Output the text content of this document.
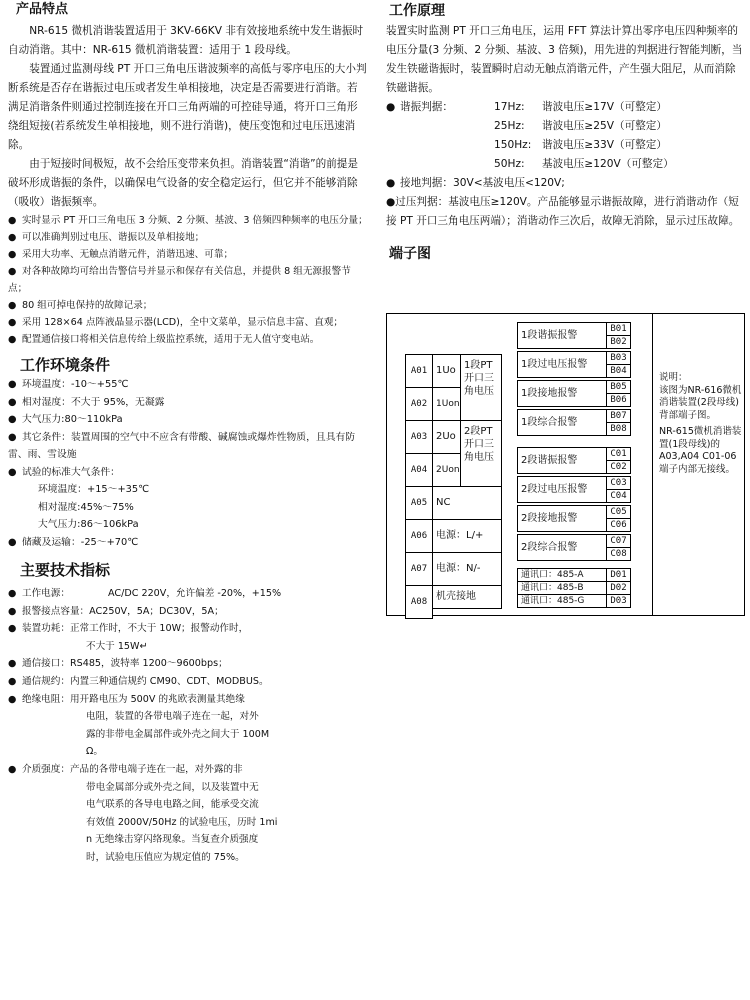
产品特点

NR-615 微机消谐装置适用于 3KV-66KV 非有效接地系统中发生谐振时自动消谐。其中：NR-615 微机消谐装置：适用于 1 段母线。

装置通过监测母线 PT 开口三角电压谐波频率的高低与零序电压的大小判断系统是否存在谐振过电压或者发生单相接地，决定是否需要进行消谐。若满足消谐条件则通过控制连接在开口三角两端的可控硅导通，将开口三角形绕组短接(若系统发生单相接地，则不进行消谐)，使压变饱和过电压迅速消除。

由于短接时间极短，故不会给压变带来负担。消谐装置“消谐”的前提是破坏形成谐振的条件，以确保电气设备的安全稳定运行，但它并不能够消除（吸收）谐振频率。

● 实时显示 PT 开口三角电压 3 分频、2 分频、基波、3 倍频四种频率的电压分量；

● 可以准确判别过电压、谐振以及单相接地；

● 采用大功率、无触点消谐元件，消谐迅速、可靠；

● 对各种故障均可给出告警信号并显示和保存有关信息，并提供 8 组无源报警节点；

● 80 组可掉电保持的故障记录；

● 采用 128×64 点阵液晶显示器(LCD)，全中文菜单，显示信息丰富、直观；

● 配置通信接口将相关信息传给上级监控系统，适用于无人值守变电站。

工作环境条件

● 环境温度：-10～+55℃

● 相对湿度：不大于 95%，无凝露

● 大气压力:80～110kPa

● 其它条件：装置周围的空气中不应含有带酸、碱腐蚀或爆炸性物质，且具有防雷、雨、雪设施

● 试验的标准大气条件：

环境温度：+15～+35℃

相对湿度:45%～75%

大气压力:86～106kPa

● 储藏及运输：-25～+70℃

主要技术指标
● 工作电源：	AC/DC 220V，允许偏差 -20%，+15%
● 报警接点容量： AC250V，5A；DC30V，5A；
● 装置功耗： 正常工作时，不大于 10W；报警动作时，
不大于 15W↵
● 通信接口： RS485，波特率 1200～9600bps；
● 通信规约： 内置三种通信规约 CM90、CDT、MODBUS。
● 绝缘电阻： 用开路电压为 500V 的兆欧表测量其绝缘
电阻，装置的各带电端子连在一起，对外
露的非带电金属部件或外壳之间大于 100M
Ω。
● 介质强度： 产品的各带电端子连在一起，对外露的非
带电金属部分或外壳之间，以及装置中无
电气联系的各导电电路之间，能承受交流
有效值 2000V/50Hz 的试验电压，历时 1mi
n 无绝缘击穿闪络现象。当复查介质强度
时，试验电压值应为规定值的 75%。
工作原理

装置实时监测 PT 开口三角电压，运用 FFT 算法计算出零序电压四种频率的电压分量(3 分频、2 分频、基波、3 倍频)，用先进的判据进行智能判断，当发生铁磁谐振时，装置瞬时启动无触点消谐元件，产生强大阻尼，从而消除铁磁谐振。

● 谐振判据：	17Hz:	谐波电压≥17V（可整定）
25Hz:	谐波电压≥25V（可整定）
150Hz:	谐波电压≥33V（可整定）
50Hz:	基波电压≥120V（可整定）

● 接地判据：30V<基波电压<120V;

●过压判据：基波电压≥120V。产品能够显示谐振故障，进行消谐动作（短接 PT 开口三角电压两端）；消谐动作三次后，故障无消除，显示过压故障。

端子图
A01 1Uo
A02 1Uon
1段PT开口三角电压
A03 2Uo
A04 2Uon
2段PT开口三角电压
A05 NC
A06 电源：L/+
A07 电源：N/-
A08 机壳接地
1段谐振报警
B01
B02
1段过电压报警
B03
B04
1段接地报警
B05
B06
1段综合报警
B07
B08
2段谐振报警
C01
C02
2段过电压报警
C03
C04
2段接地报警
C05
C06
2段综合报警
C07
C08
通讯口：485-A	D01
通讯口：485-B	D02
通讯口：485-G	D03
说明：
该图为NR-616微机消谐装置(2段母线)背部端子图。
NR-615微机消谐装置(1段母线)的A03,A04 C01-06端子内部无接线。
